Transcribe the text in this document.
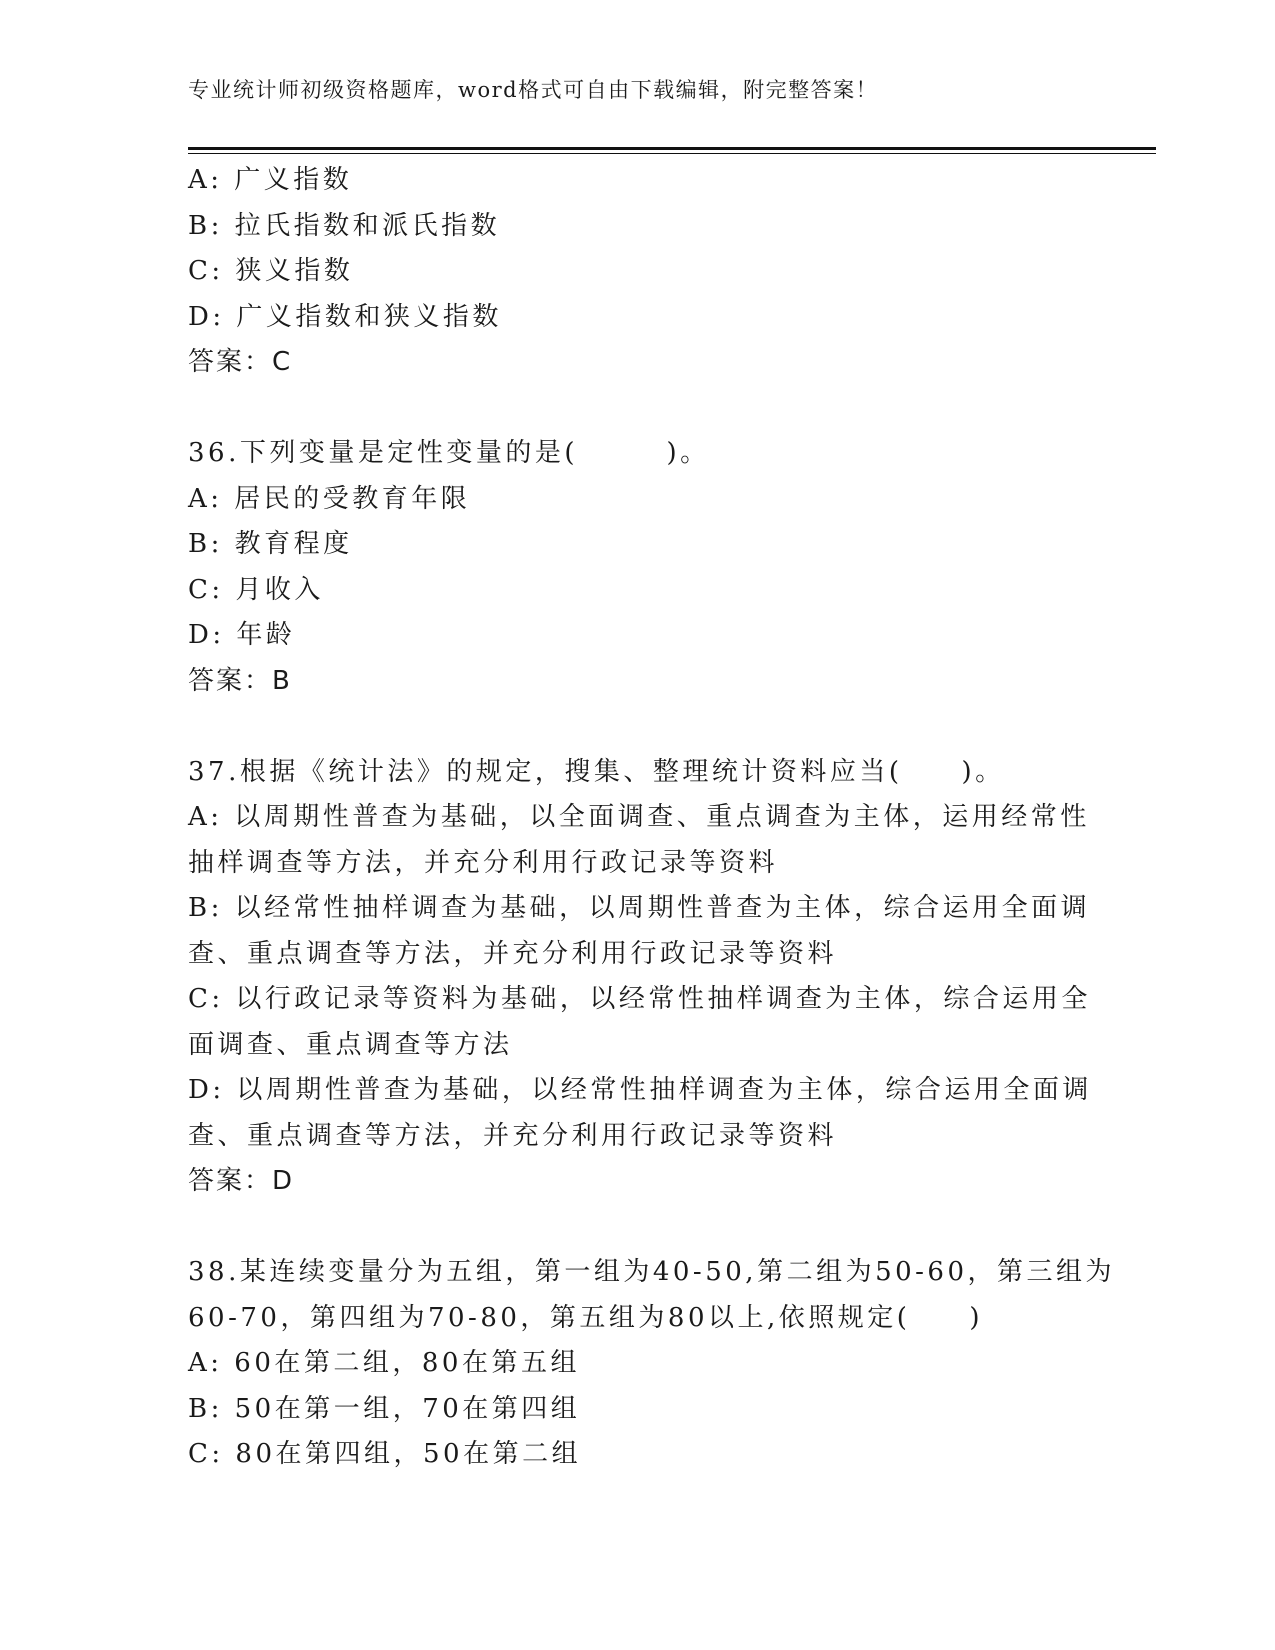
专业统计师初级资格题库，word格式可自由下载编辑，附完整答案！
A: 广义指数
B: 拉氏指数和派氏指数
C: 狭义指数
D: 广义指数和狭义指数
答案：C
36.下列变量是定性变量的是(　　　)。
A: 居民的受教育年限
B: 教育程度
C: 月收入
D: 年龄
答案：B
37.根据《统计法》的规定，搜集、整理统计资料应当(　　)。
A: 以周期性普查为基础，以全面调查、重点调查为主体，运用经常性
抽样调查等方法，并充分利用行政记录等资料
B: 以经常性抽样调查为基础，以周期性普查为主体，综合运用全面调
查、重点调查等方法，并充分利用行政记录等资料
C: 以行政记录等资料为基础，以经常性抽样调查为主体，综合运用全
面调查、重点调查等方法
D: 以周期性普查为基础，以经常性抽样调查为主体，综合运用全面调
查、重点调查等方法，并充分利用行政记录等资料
答案：D
38.某连续变量分为五组，第一组为40-50,第二组为50-60，第三组为
60-70，第四组为70-80，第五组为80以上,依照规定(　　)
A: 60在第二组，80在第五组
B: 50在第一组，70在第四组
C: 80在第四组，50在第二组
